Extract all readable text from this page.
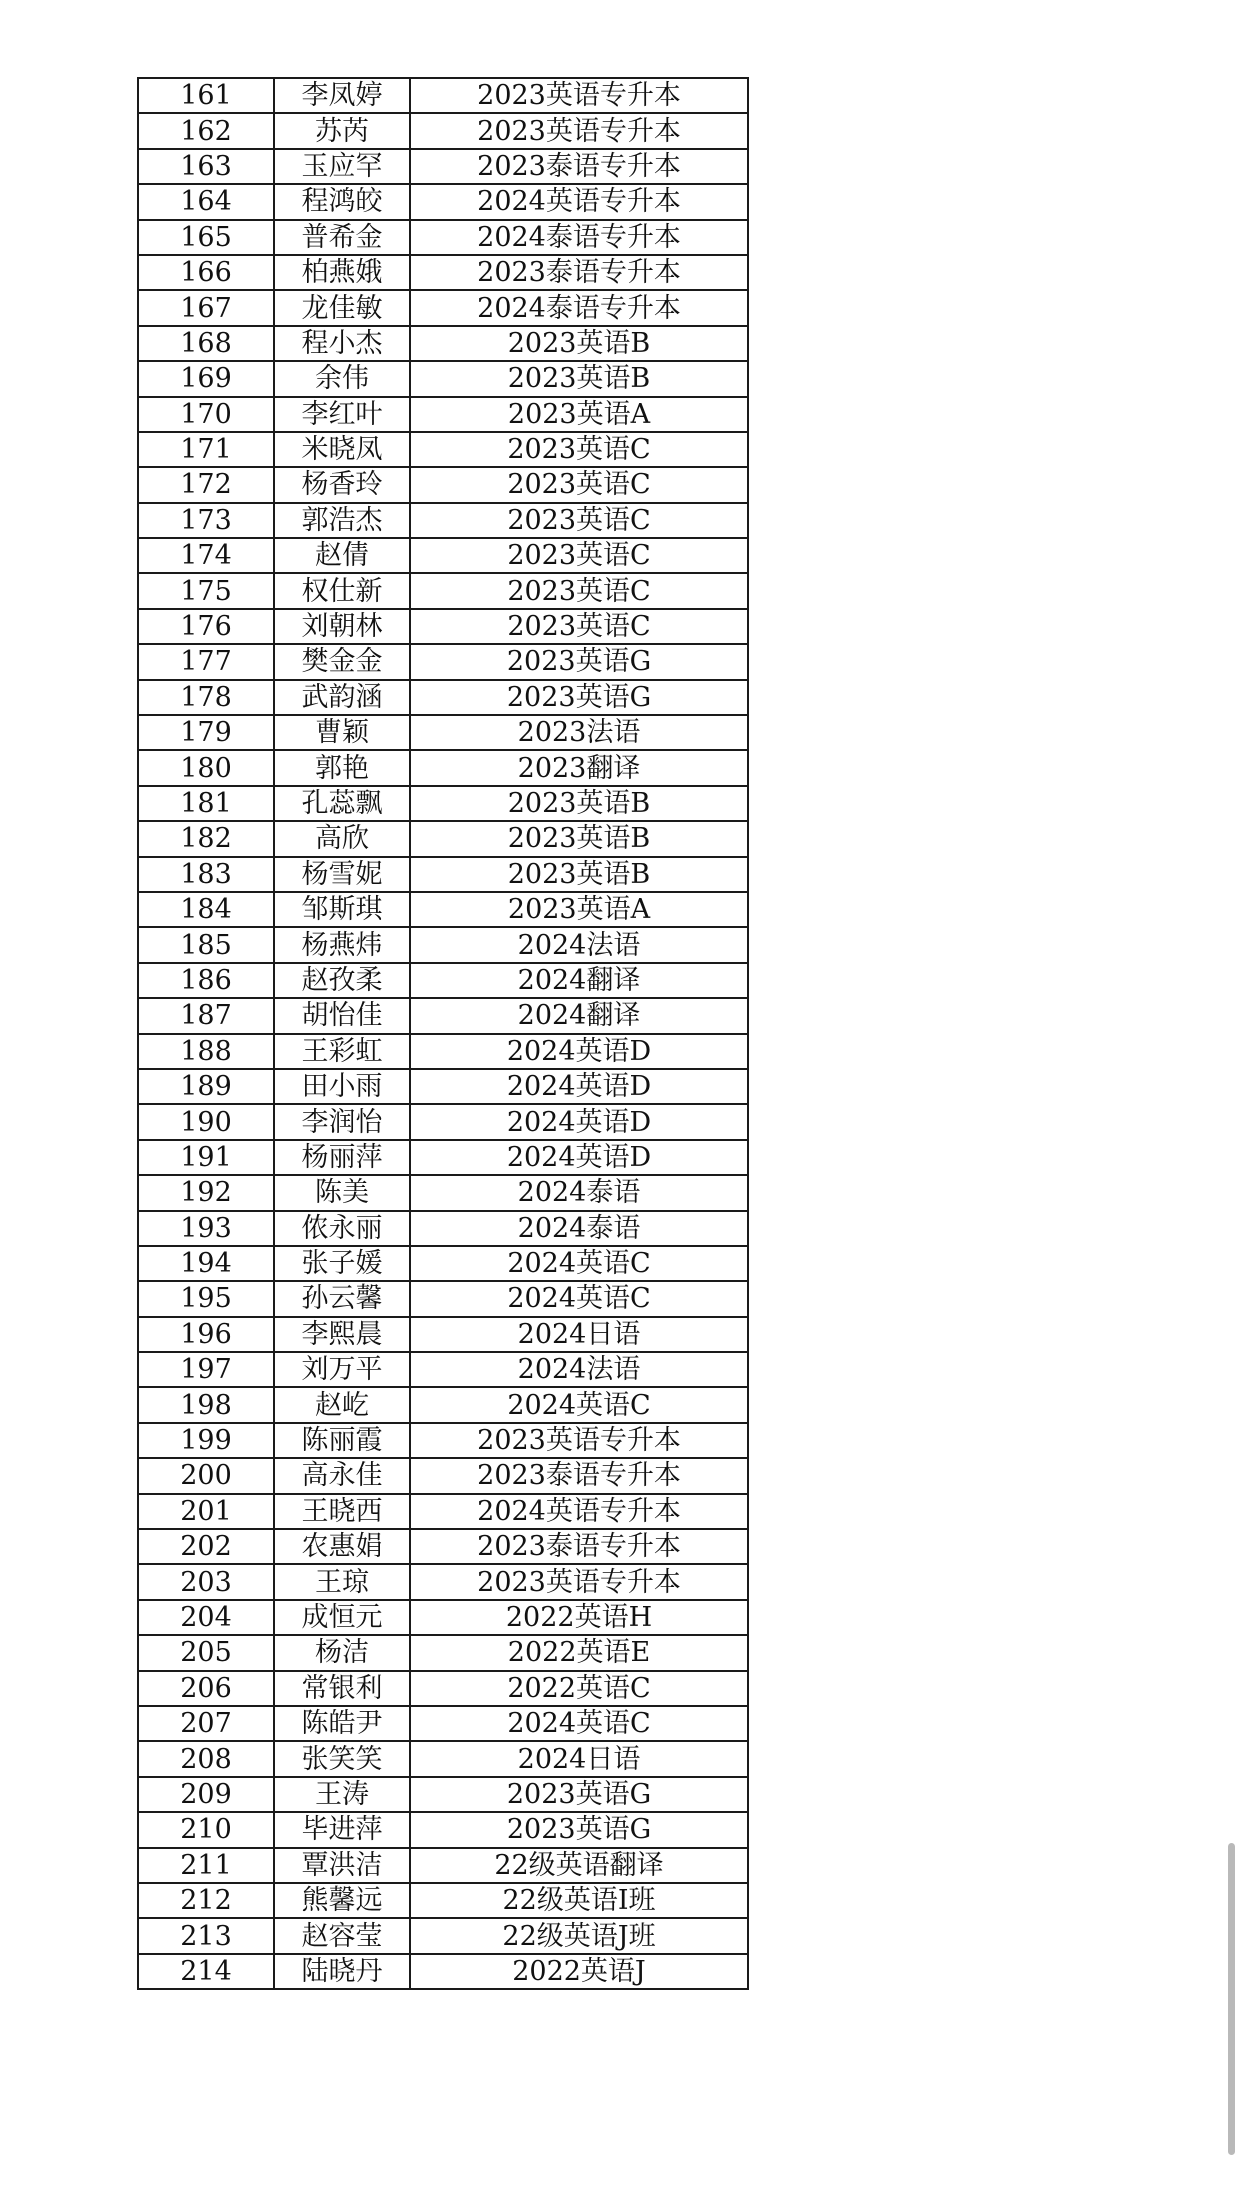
161	李凤婷	2023英语专升本
162	苏芮	2023英语专升本
163	玉应罕	2023泰语专升本
164	程鸿皎	2024英语专升本
165	普希金	2024泰语专升本
166	柏燕娥	2023泰语专升本
167	龙佳敏	2024泰语专升本
168	程小杰	2023英语B
169	余伟	2023英语B
170	李红叶	2023英语A
171	米晓凤	2023英语C
172	杨香玲	2023英语C
173	郭浩杰	2023英语C
174	赵倩	2023英语C
175	权仕新	2023英语C
176	刘朝林	2023英语C
177	樊金金	2023英语G
178	武韵涵	2023英语G
179	曹颖	2023法语
180	郭艳	2023翻译
181	孔蕊飘	2023英语B
182	高欣	2023英语B
183	杨雪妮	2023英语B
184	邹斯琪	2023英语A
185	杨燕炜	2024法语
186	赵孜柔	2024翻译
187	胡怡佳	2024翻译
188	王彩虹	2024英语D
189	田小雨	2024英语D
190	李润怡	2024英语D
191	杨丽萍	2024英语D
192	陈美	2024泰语
193	侬永丽	2024泰语
194	张子媛	2024英语C
195	孙云馨	2024英语C
196	李熙晨	2024日语
197	刘万平	2024法语
198	赵屹	2024英语C
199	陈丽霞	2023英语专升本
200	高永佳	2023泰语专升本
201	王晓西	2024英语专升本
202	农惠娟	2023泰语专升本
203	王琼	2023英语专升本
204	成恒元	2022英语H
205	杨洁	2022英语E
206	常银利	2022英语C
207	陈皓尹	2024英语C
208	张笑笑	2024日语
209	王涛	2023英语G
210	毕进萍	2023英语G
211	覃洪洁	22级英语翻译
212	熊馨远	22级英语I班
213	赵容莹	22级英语J班
214	陆晓丹	2022英语J
